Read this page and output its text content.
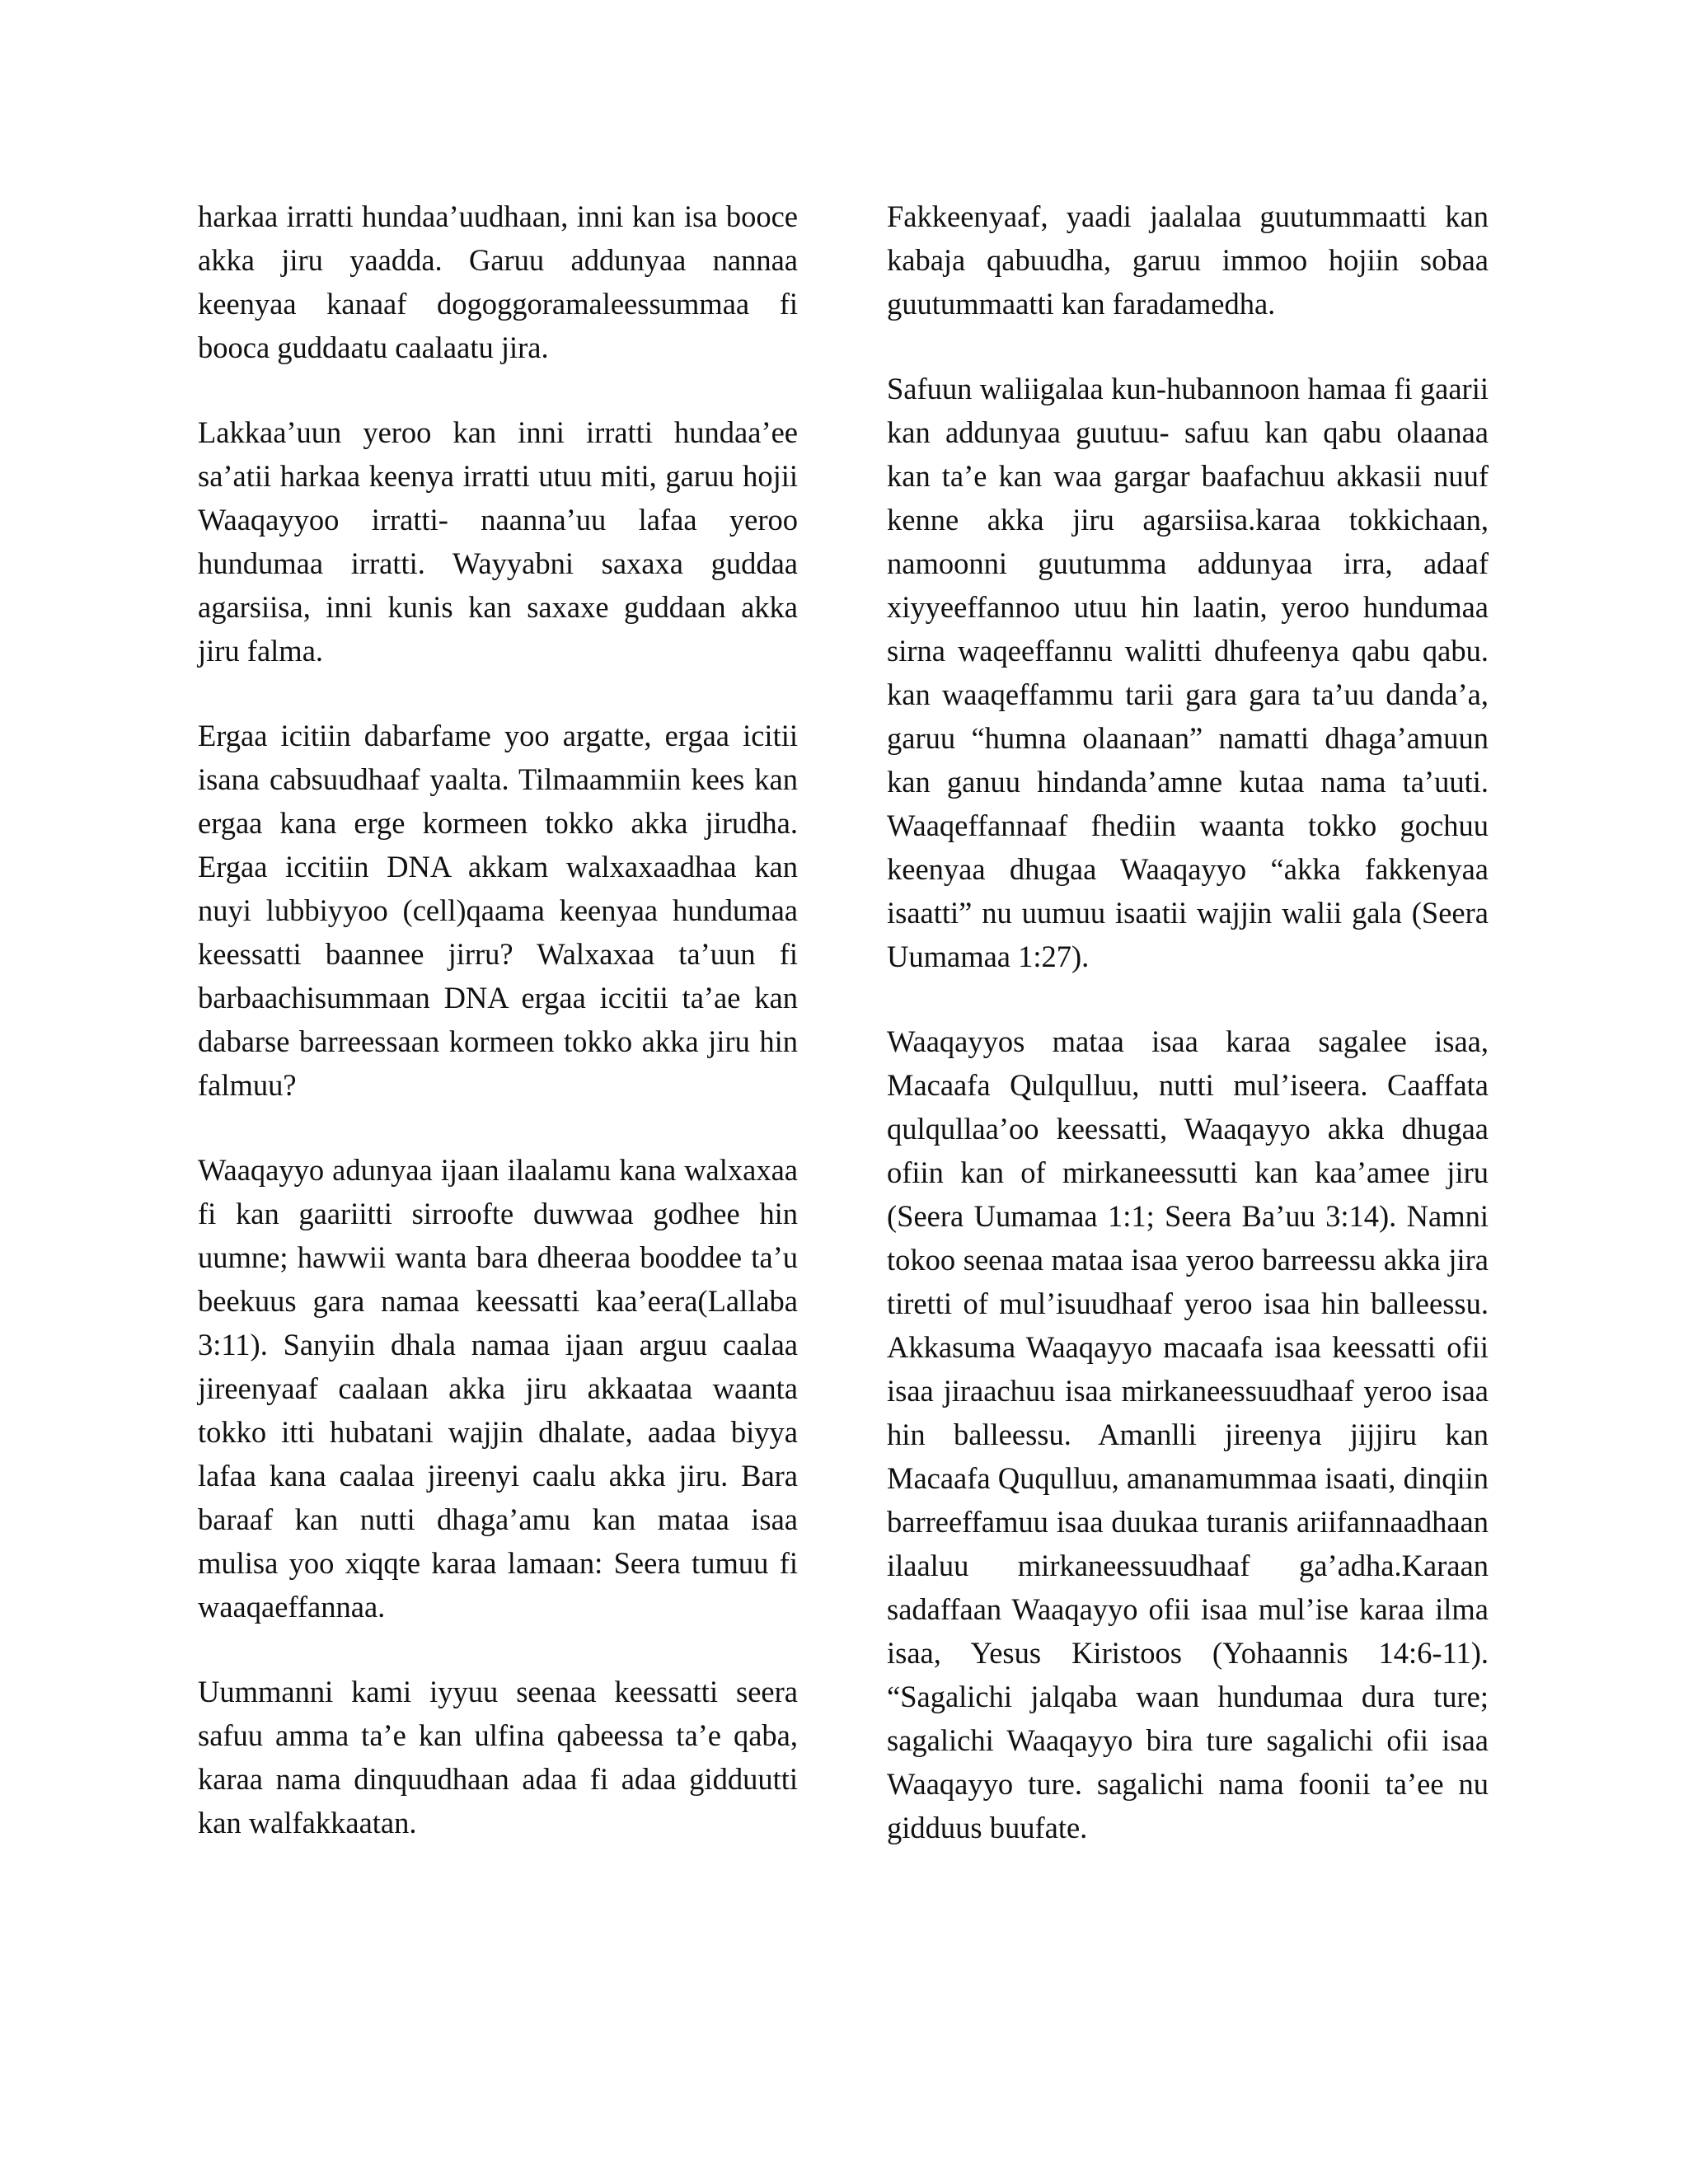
harkaa irratti hundaa’uudhaan, inni kan isa booce akka jiru yaadda. Garuu addunyaa nannaa keenyaa kanaaf dogoggoramaleessummaa fi booca guddaatu caalaatu jira.

Lakkaa’uun yeroo kan inni irratti hundaa’ee sa’atii harkaa keenya irratti utuu miti, garuu hojii Waaqayyoo irratti- naanna’uu lafaa yeroo hundumaa irratti. Wayyabni saxaxa guddaa agarsiisa, inni kunis kan saxaxe guddaan akka jiru falma.

Ergaa icitiin dabarfame yoo argatte, ergaa icitii isana cabsuudhaaf yaalta. Tilmaammiin kees kan ergaa kana erge kormeen tokko akka jirudha. Ergaa iccitiin DNA akkam walxaxaadhaa kan nuyi lubbiyyoo (cell)qaama keenyaa hundumaa keessatti baannee jirru? Walxaxaa ta’uun fi barbaachisummaan DNA ergaa iccitii ta’ae kan dabarse barreessaan kormeen tokko akka jiru hin falmuu?

Waaqayyo adunyaa ijaan ilaalamu kana walxaxaa fi kan gaariitti sirroofte duwwaa godhee hin uumne; hawwii wanta bara dheeraa booddee ta’u beekuus gara namaa keessatti kaa’eera(Lallaba 3:11). Sanyiin dhala namaa ijaan arguu caalaa jireenyaaf caalaan akka jiru akkaataa waanta tokko itti hubatani wajjin dhalate, aadaa biyya lafaa kana caalaa jireenyi caalu akka jiru. Bara baraaf kan nutti dhaga’amu kan mataa isaa mulisa yoo xiqqte karaa lamaan: Seera tumuu fi waaqaeffannaa.

Uummanni kami iyyuu seenaa keessatti seera safuu amma ta’e kan ulfina qabeessa ta’e qaba, karaa nama dinquudhaan adaa fi adaa gidduutti kan walfakkaatan.

Fakkeenyaaf, yaadi jaalalaa guutummaatti kan kabaja qabuudha, garuu immoo hojiin sobaa guutummaatti kan faradamedha.

Safuun waliigalaa kun-hubannoon hamaa fi gaarii kan addunyaa guutuu- safuu kan qabu olaanaa kan ta’e kan waa gargar baafachuu akkasii nuuf kenne akka jiru agarsiisa.karaa tokkichaan, namoonni guutumma addunyaa irra, adaaf xiyyeeffannoo utuu hin laatin, yeroo hundumaa sirna waqeeffannu walitti dhufeenya qabu qabu. kan waaqeffammu tarii gara gara ta’uu danda’a, garuu “humna olaanaan” namatti dhaga’amuun kan ganuu hindanda’amne kutaa nama ta’uuti. Waaqeffannaaf fhediin waanta tokko gochuu keenyaa dhugaa Waaqayyo “akka fakkenyaa isaatti” nu uumuu isaatii wajjin walii gala (Seera Uumamaa 1:27).

Waaqayyos mataa isaa karaa sagalee isaa, Macaafa Qulqulluu, nutti mul’iseera. Caaffata qulqullaa’oo keessatti, Waaqayyo akka dhugaa ofiin kan of mirkaneessutti kan kaa’amee jiru (Seera Uumamaa 1:1; Seera Ba’uu 3:14). Namni tokoo seenaa mataa isaa yeroo barreessu akka jira tiretti of mul’isuudhaaf yeroo isaa hin balleessu. Akkasuma Waaqayyo macaafa isaa keessatti ofii isaa jiraachuu isaa mirkaneessuudhaaf yeroo isaa hin balleessu. Amanlli jireenya jijjiru kan Macaafa Ququlluu, amanamummaa isaati, dinqiin barreeffamuu isaa duukaa turanis ariifannaadhaan ilaaluu mirkaneessuudhaaf ga’adha.Karaan sadaffaan Waaqayyo ofii isaa mul’ise karaa ilma isaa, Yesus Kiristoos (Yohaannis 14:6-11). “Sagalichi jalqaba waan hundumaa dura ture; sagalichi Waaqayyo bira ture sagalichi ofii isaa Waaqayyo ture. sagalichi nama foonii ta’ee nu gidduus buufate.
